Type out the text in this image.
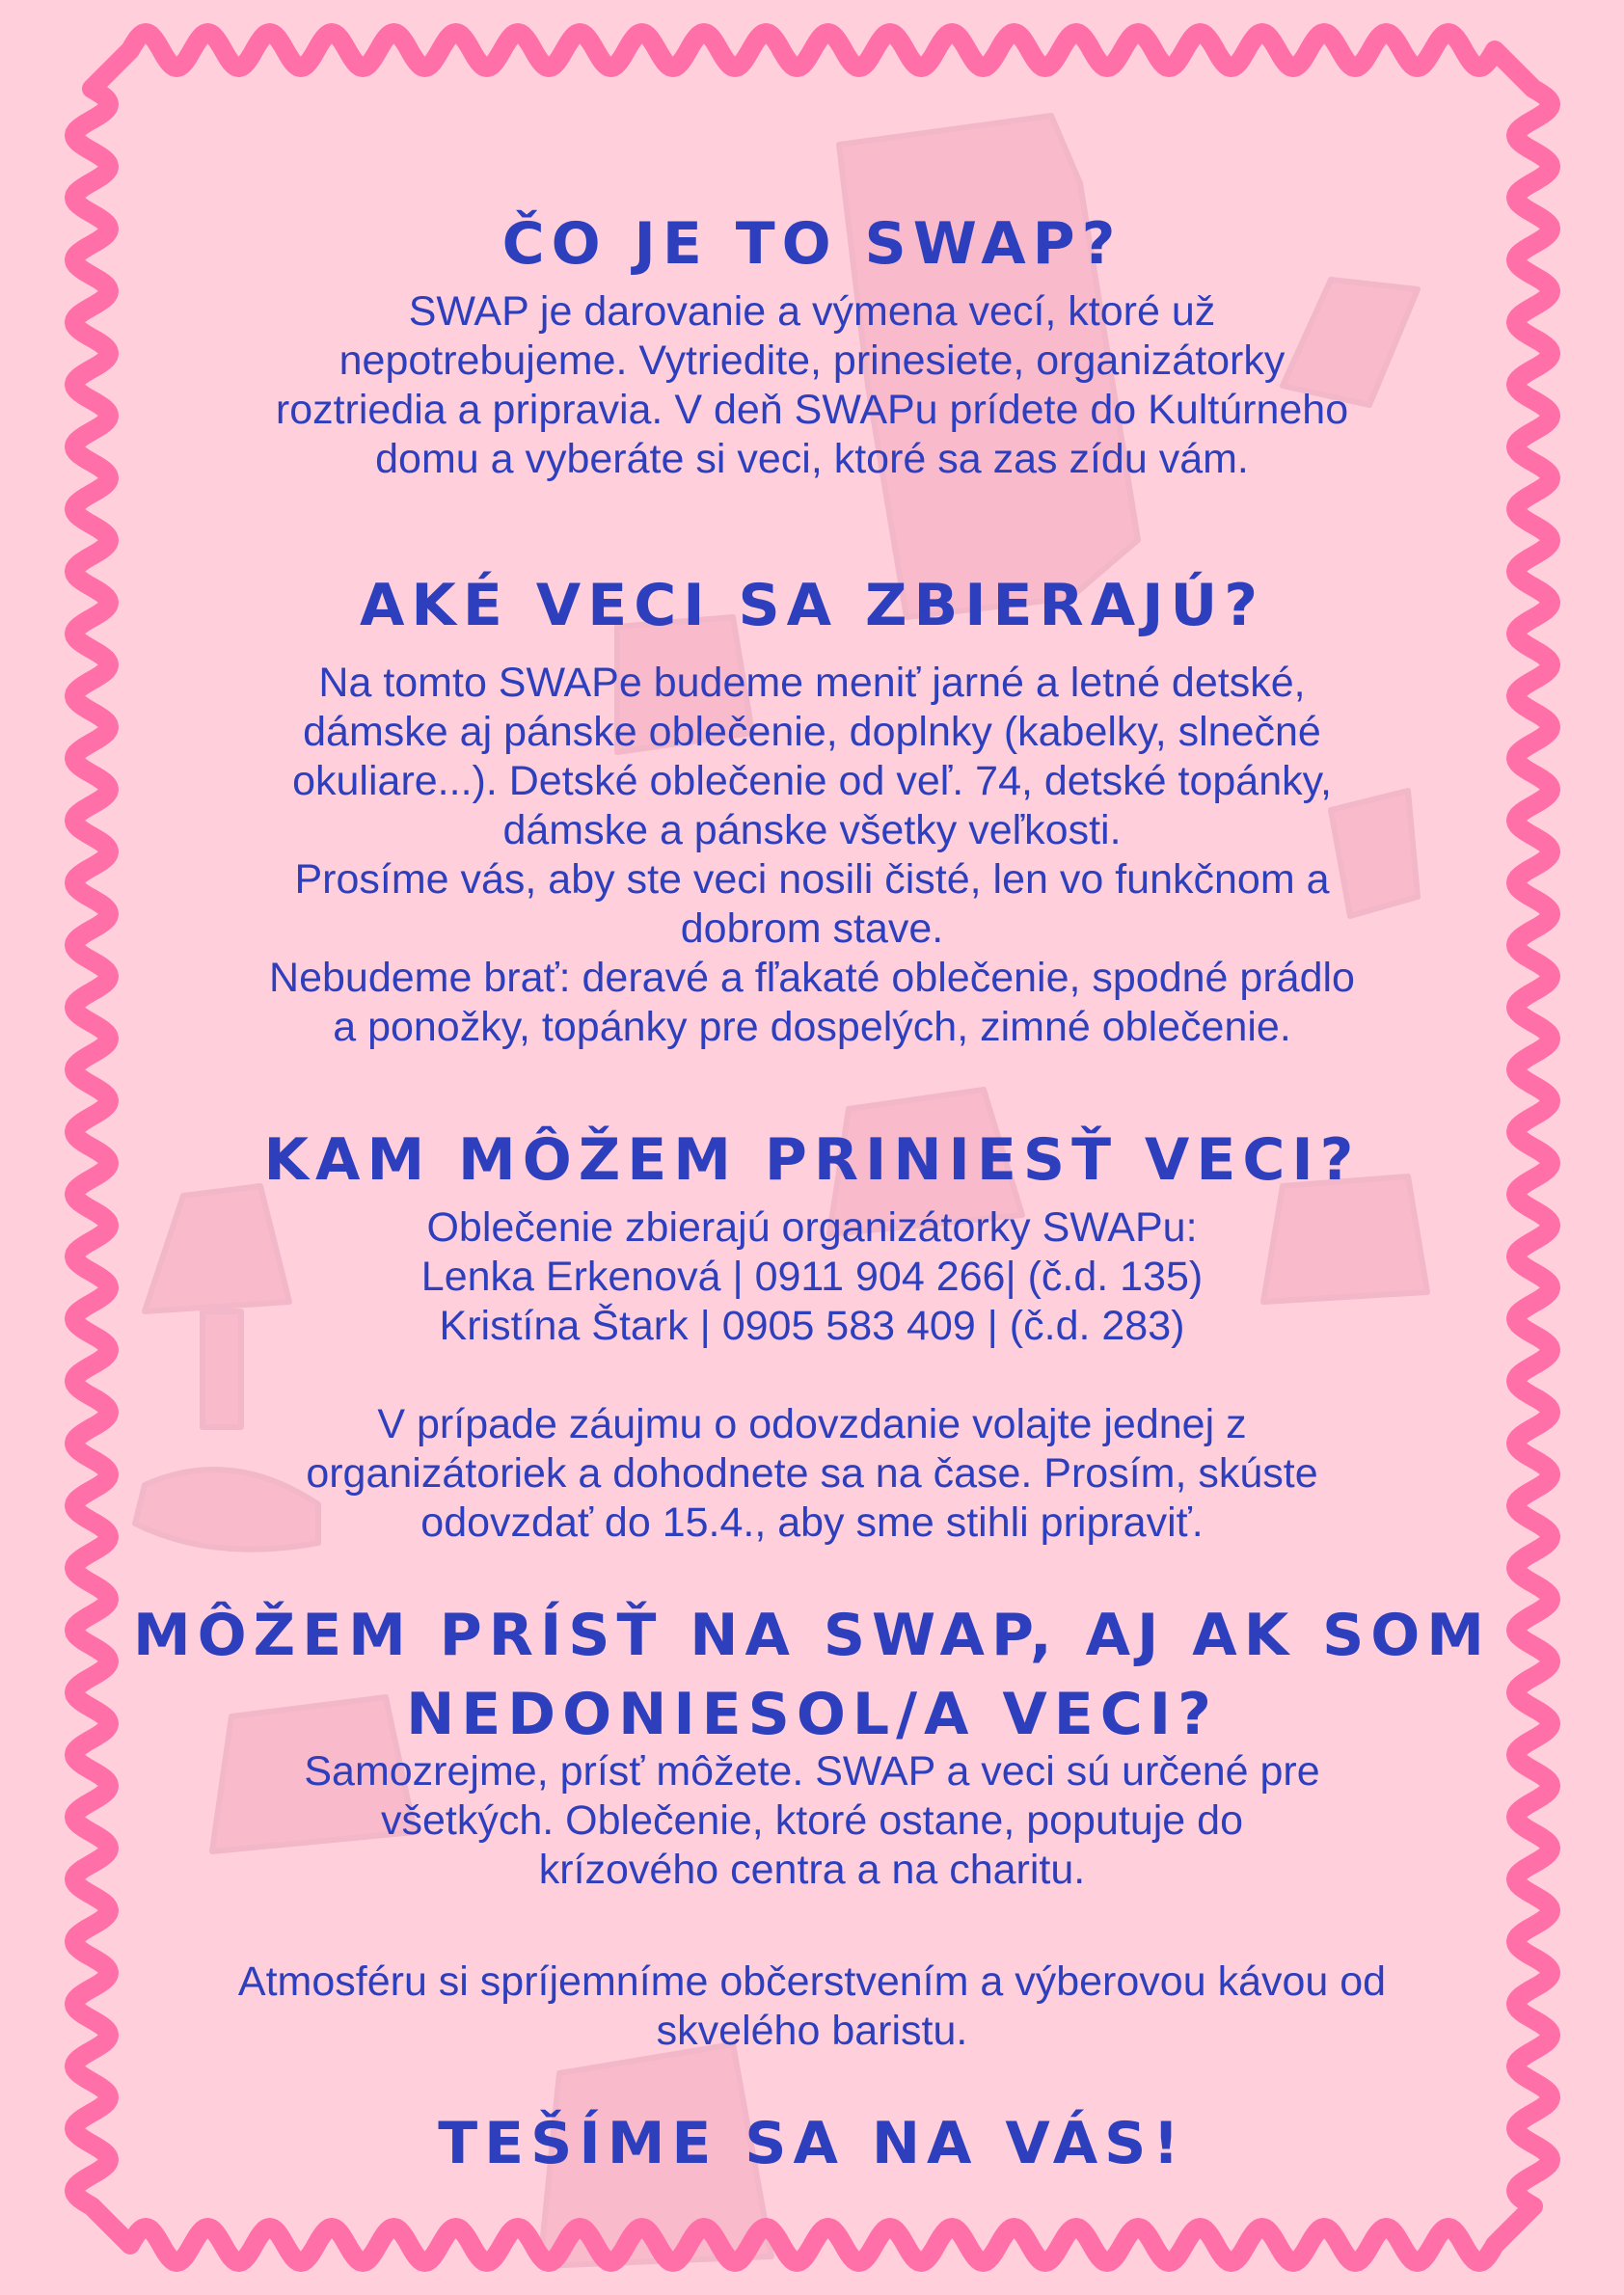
ČO JE TO SWAP?
SWAP je darovanie a výmena vecí, ktoré už
nepotrebujeme. Vytriedite, prinesiete, organizátorky
roztriedia a pripravia. V deň SWAPu prídete do Kultúrneho
domu a vyberáte si veci, ktoré sa zas zídu vám.
AKÉ VECI SA ZBIERAJÚ?
Na tomto SWAPe budeme meniť jarné a letné detské,
dámske aj pánske oblečenie, doplnky (kabelky, slnečné
okuliare...). Detské oblečenie od veľ. 74, detské topánky,
dámske a pánske všetky veľkosti.
Prosíme vás, aby ste veci nosili čisté, len vo funkčnom a
dobrom stave.
Nebudeme brať: deravé a fľakaté oblečenie, spodné prádlo
a ponožky, topánky pre dospelých, zimné oblečenie.
KAM MÔŽEM PRINIESŤ VECI?
Oblečenie zbierajú organizátorky SWAPu:
Lenka Erkenová | 0911 904 266| (č.d. 135)
Kristína Štark | 0905 583 409 | (č.d. 283)
V prípade záujmu o odovzdanie volajte jednej z
organizátoriek a dohodnete sa na čase. Prosím, skúste
odovzdať do 15.4., aby sme stihli pripraviť.
MÔŽEM PRÍSŤ NA SWAP, AJ AK SOM
NEDONIESOL/A VECI?
Samozrejme, prísť môžete. SWAP a veci sú určené pre
všetkých. Oblečenie, ktoré ostane, poputuje do
krízového centra a na charitu.
Atmosféru si spríjemníme občerstvením a výberovou kávou od
skvelého baristu.
TEŠÍME SA NA VÁS!
